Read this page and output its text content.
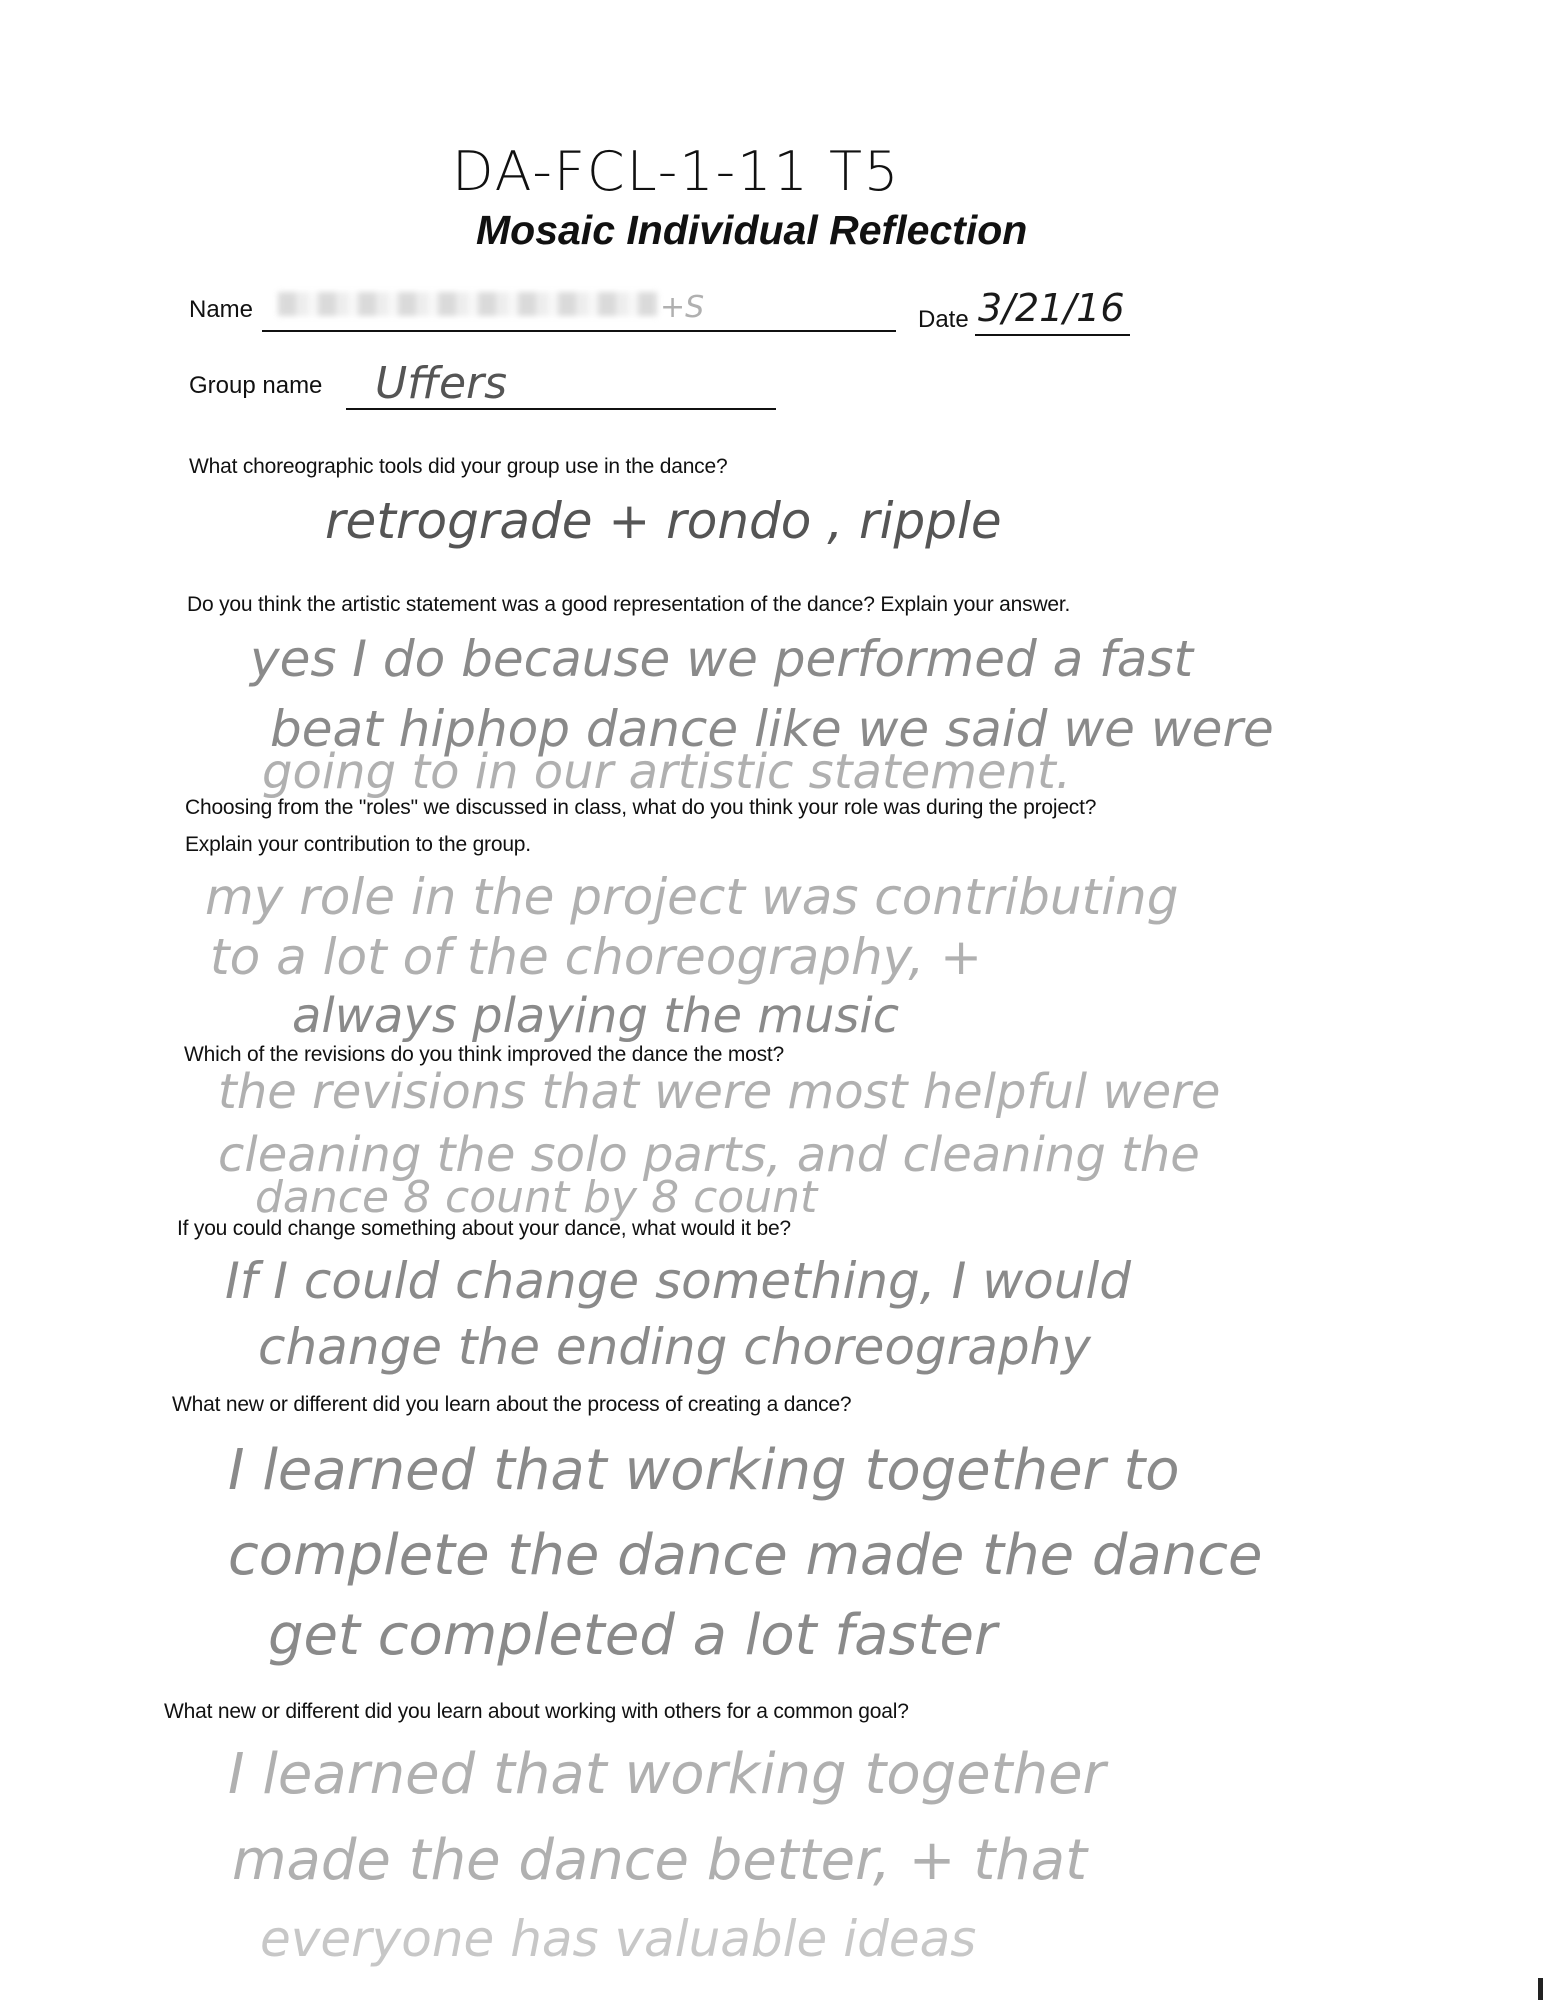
DA-FCL-1-11 T5
Mosaic Individual Reflection
Name	+S	Date 3/21/16
Group name Uffers
What choreographic tools did your group use in the dance?
retrograde + rondo , ripple
Do you think the artistic statement was a good representation of the dance? Explain your answer.
yes I do because we performed a fast
beat hiphop dance like we said we were
going to in our artistic statement.
Choosing from the "roles" we discussed in class, what do you think your role was during the project?
Explain your contribution to the group.
my role in the project was contributing
to a lot of the choreography, +
always playing the music
Which of the revisions do you think improved the dance the most?
the revisions that were most helpful were
cleaning the solo parts, and cleaning the
dance 8 count by 8 count
If you could change something about your dance, what would it be?
If I could change something, I would
change the ending choreography
What new or different did you learn about the process of creating a dance?
I learned that working together to
complete the dance made the dance
get completed a lot faster
What new or different did you learn about working with others for a common goal?
I learned that working together
made the dance better, + that
everyone has valuable ideas
